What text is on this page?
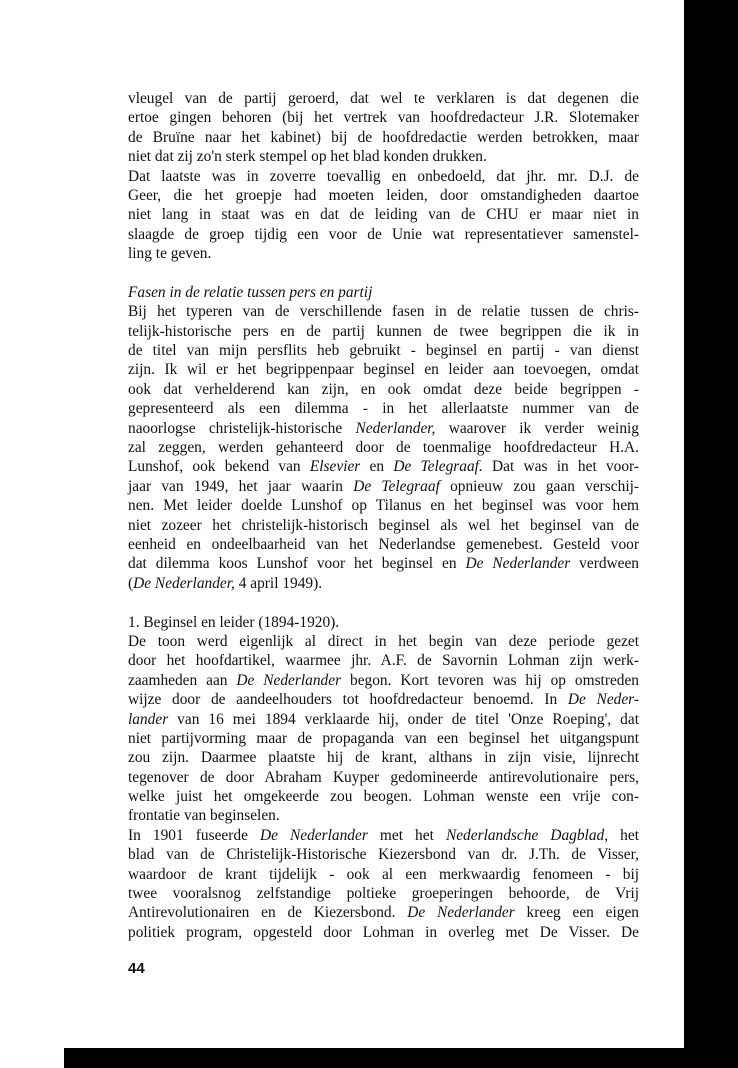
vleugel van de partij geroerd, dat wel te verklaren is dat degenen die
ertoe gingen behoren (bij het vertrek van hoofdredacteur J.R. Slotemaker
de Bruïne naar het kabinet) bij de hoofdredactie werden betrokken, maar
niet dat zij zo'n sterk stempel op het blad konden drukken.
Dat laatste was in zoverre toevallig en onbedoeld, dat jhr. mr. D.J. de
Geer, die het groepje had moeten leiden, door omstandigheden daartoe
niet lang in staat was en dat de leiding van de CHU er maar niet in
slaagde de groep tijdig een voor de Unie wat representatiever samenstel-
ling te geven.
Fasen in de relatie tussen pers en partij
Bij het typeren van de verschillende fasen in de relatie tussen de chris-
telijk-historische pers en de partij kunnen de twee begrippen die ik in
de titel van mijn persflits heb gebruikt - beginsel en partij - van dienst
zijn. Ik wil er het begrippenpaar beginsel en leider aan toevoegen, omdat
ook dat verhelderend kan zijn, en ook omdat deze beide begrippen -
gepresenteerd als een dilemma - in het allerlaatste nummer van de
naoorlogse christelijk-historische Nederlander, waarover ik verder weinig
zal zeggen, werden gehanteerd door de toenmalige hoofdredacteur H.A.
Lunshof, ook bekend van Elsevier en De Telegraaf. Dat was in het voor-
jaar van 1949, het jaar waarin De Telegraaf opnieuw zou gaan verschij-
nen. Met leider doelde Lunshof op Tilanus en het beginsel was voor hem
niet zozeer het christelijk-historisch beginsel als wel het beginsel van de
eenheid en ondeelbaarheid van het Nederlandse gemenebest. Gesteld voor
dat dilemma koos Lunshof voor het beginsel en De Nederlander verdween
(De Nederlander, 4 april 1949).
1. Beginsel en leider (1894-1920).
De toon werd eigenlijk al direct in het begin van deze periode gezet
door het hoofdartikel, waarmee jhr. A.F. de Savornin Lohman zijn werk-
zaamheden aan De Nederlander begon. Kort tevoren was hij op omstreden
wijze door de aandeelhouders tot hoofdredacteur benoemd. In De Neder-
lander van 16 mei 1894 verklaarde hij, onder de titel 'Onze Roeping', dat
niet partijvorming maar de propaganda van een beginsel het uitgangspunt
zou zijn. Daarmee plaatste hij de krant, althans in zijn visie, lijnrecht
tegenover de door Abraham Kuyper gedomineerde antirevolutionaire pers,
welke juist het omgekeerde zou beogen. Lohman wenste een vrije con-
frontatie van beginselen.
In 1901 fuseerde De Nederlander met het Nederlandsche Dagblad, het
blad van de Christelijk-Historische Kiezersbond van dr. J.Th. de Visser,
waardoor de krant tijdelijk - ook al een merkwaardig fenomeen - bij
twee vooralsnog zelfstandige poltieke groeperingen behoorde, de Vrij
Antirevolutionairen en de Kiezersbond. De Nederlander kreeg een eigen
politiek program, opgesteld door Lohman in overleg met De Visser. De
44
